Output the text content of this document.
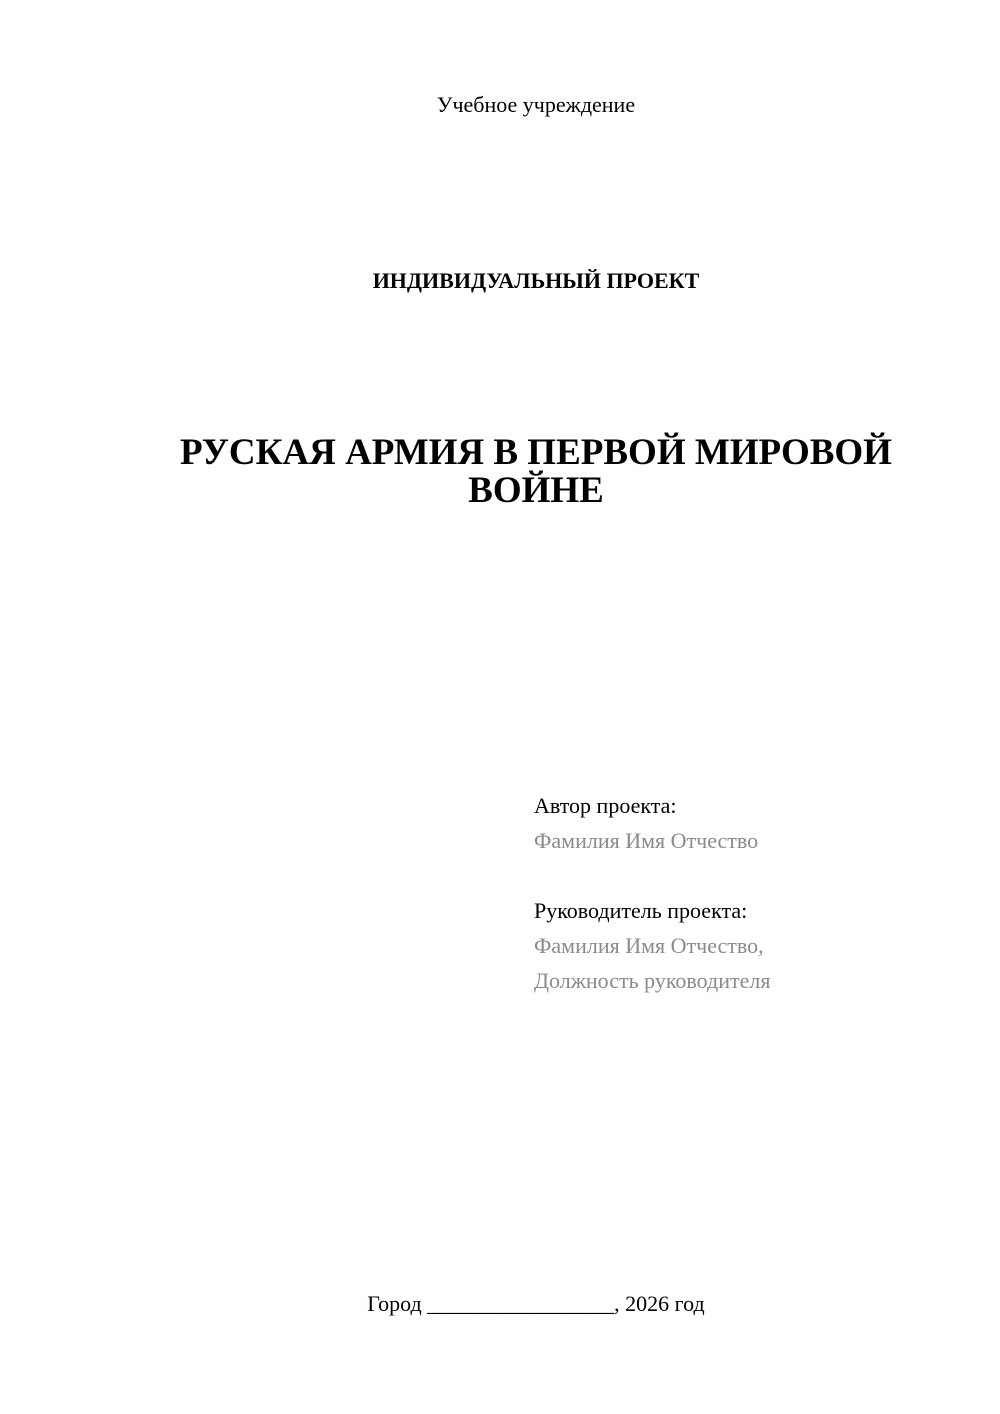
Учебное учреждение
ИНДИВИДУАЛЬНЫЙ ПРОЕКТ
РУСКАЯ АРМИЯ В ПЕРВОЙ МИРОВОЙ
ВОЙНЕ
Автор проекта:
Фамилия Имя Отчество
Руководитель проекта:
Фамилия Имя Отчество,
Должность руководителя
Город _________________, 2026 год
